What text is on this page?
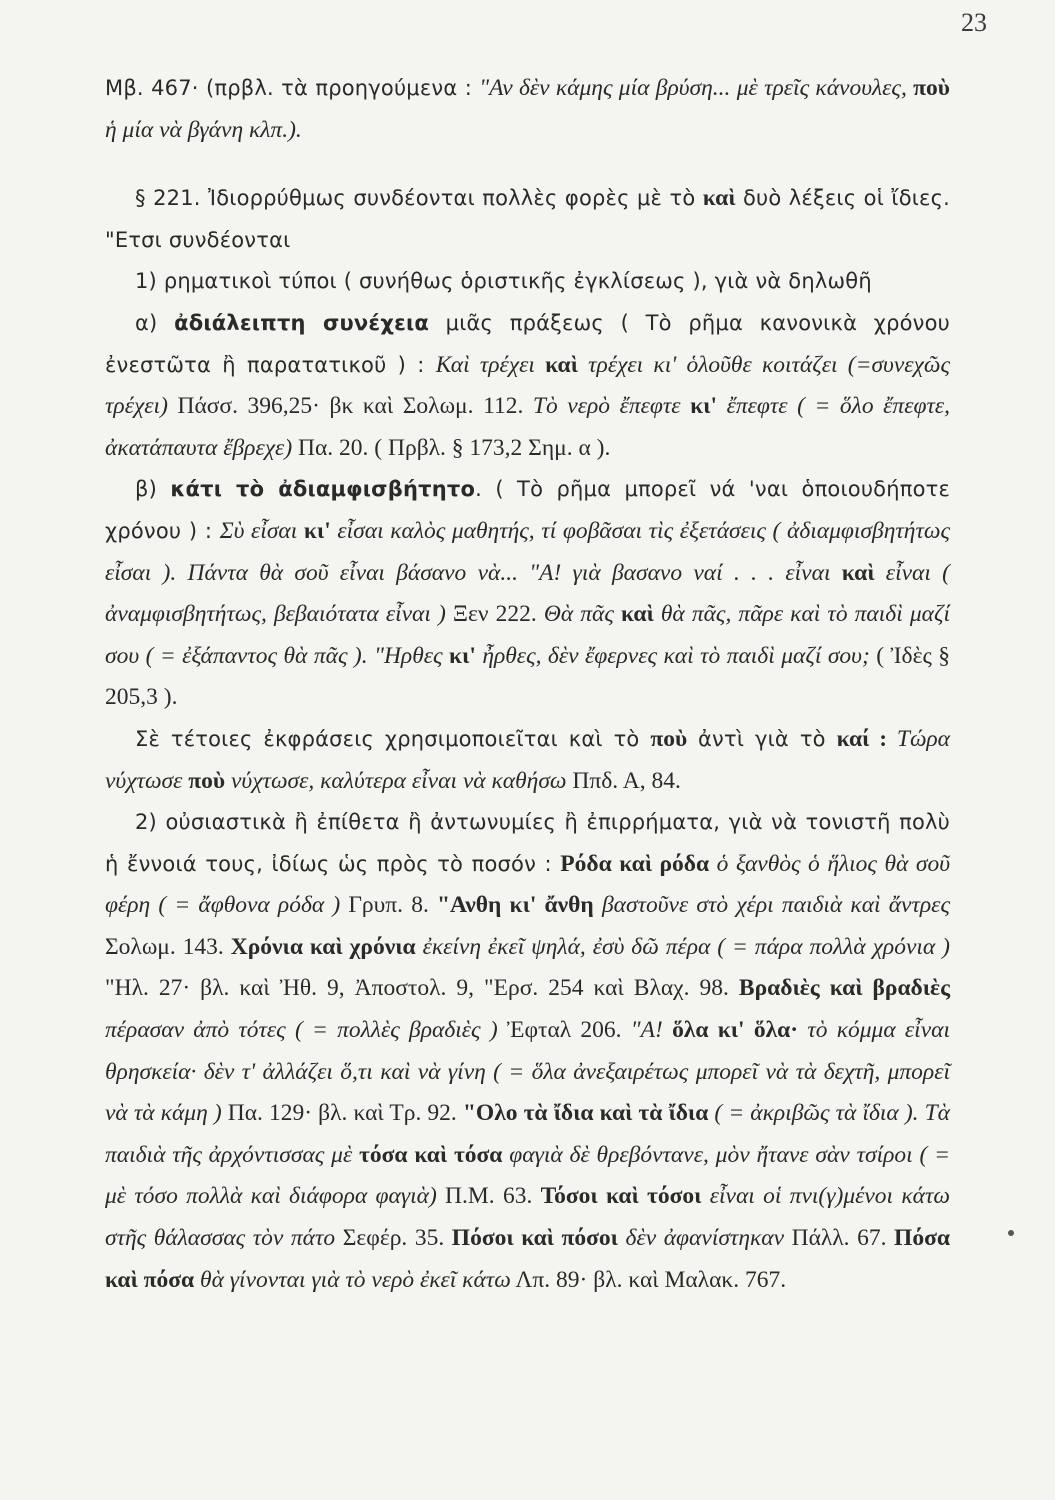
23

Μβ. 467· (πρβλ. τὰ προηγούμενα : "Αν δὲν κάμης μία βρύση... μὲ τρεῖς κάνουλες, ποὺ ἡ μία νὰ βγάνη κλπ.).

§ 221. Ἰδιορρύθμως συνδέονται πολλὲς φορὲς μὲ τὸ καὶ δυὸ λέξεις οἱ ἴδιες. "Ετσι συνδέονται

1) ρηματικοὶ τύποι ( συνήθως ὁριστικῆς ἐγκλίσεως ), γιὰ νὰ δηλωθῆ

α) ἀδιάλειπτη συνέχεια μιᾶς πράξεως ( Τὸ ρῆμα κανονικὰ χρόνου ἐνεστῶτα ἢ παρατατικοῦ ) : Καὶ τρέχει καὶ τρέχει κι' ὁλοῦθε κοιτάζει (=συνεχῶς τρέχει) Πάσσ. 396,25· βκ καὶ Σολωμ. 112. Τὸ νερὸ ἔπεφτε κι' ἔπεφτε ( = ὅλο ἔπεφτε, ἀκατάπαυτα ἔβρεχε) Πα. 20. ( Πρβλ. § 173,2 Σημ. α ).

β) κάτι τὸ ἀδιαμφισβήτητο. ( Τὸ ρῆμα μπορεῖ νά 'ναι ὁποιουδήποτε χρόνου ) : Σὺ εἶσαι κι' εἶσαι καλὸς μαθητής, τί φοβᾶσαι τὶς ἐξετάσεις ( ἀδιαμφισβητήτως εἶσαι ). Πάντα θὰ σοῦ εἶναι βάσανο νὰ... "Α! γιὰ βασανο ναί . . . εἶναι καὶ εἶναι ( ἀναμφισβητήτως, βεβαιότατα εἶναι ) Ξεν 222. Θὰ πᾶς καὶ θὰ πᾶς, πᾶρε καὶ τὸ παιδὶ μαζί σου ( = ἐξάπαντος θὰ πᾶς ). "Ηρθες κι' ἦρθες, δὲν ἔφερνες καὶ τὸ παιδὶ μαζί σου; ( Ἰδὲς § 205,3 ).

Σὲ τέτοιες ἐκφράσεις χρησιμοποιεῖται καὶ τὸ ποὺ ἀντὶ γιὰ τὸ καί : Τώρα νύχτωσε ποὺ νύχτωσε, καλύτερα εἶναι νὰ καθήσω Ππδ. Α, 84.

2) οὐσιαστικὰ ἢ ἐπίθετα ἢ ἀντωνυμίες ἢ ἐπιρρήματα, γιὰ νὰ τονιστῆ πολὺ ἡ ἔννοιά τους, ἰδίως ὡς πρὸς τὸ ποσόν : Ρόδα καὶ ρόδα ὁ ξανθὸς ὁ ἥλιος θὰ σοῦ φέρη ( = ἄφθονα ρόδα ) Γρυπ. 8. "Ανθη κι' ἄνθη βαστοῦνε στὸ χέρι παιδιὰ καὶ ἄντρες Σολωμ. 143. Χρόνια καὶ χρόνια ἐκείνη ἐκεῖ ψηλά, ἐσὺ δῶ πέρα ( = πάρα πολλὰ χρόνια ) "Ηλ. 27· βλ. καὶ Ἠθ. 9, Ἀποστολ. 9, "Ερσ. 254 καὶ Βλαχ. 98. Βραδιὲς καὶ βραδιὲς πέρασαν ἀπὸ τότες ( = πολλὲς βραδιὲς ) Ἐφταλ 206. "Α! ὅλα κι' ὅλα· τὸ κόμμα εἶναι θρησκεία· δὲν τ' ἀλλάζει ὅ,τι καὶ νὰ γίνη ( = ὅλα ἀνεξαιρέτως μπορεῖ νὰ τὰ δεχτῆ, μπορεῖ νὰ τὰ κάμη ) Πα. 129· βλ. καὶ Τρ. 92. "Ολο τὰ ἴδια καὶ τὰ ἴδια ( = ἀκριβῶς τὰ ἴδια ). Τὰ παιδιὰ τῆς ἀρχόντισσας μὲ τόσα καὶ τόσα φαγιὰ δὲ θρεβόντανε, μὸν ἤτανε σὰν τσίροι ( = μὲ τόσο πολλὰ καὶ διάφορα φαγιὰ) Π.Μ. 63. Τόσοι καὶ τόσοι εἶναι οἱ πνι(γ)μένοι κάτω στῆς θάλασσας τὸν πάτο Σεφέρ. 35. Πόσοι καὶ πόσοι δὲν ἀφανίστηκαν Πάλλ. 67. Πόσα καὶ πόσα θὰ γίνονται γιὰ τὸ νερὸ ἐκεῖ κάτω Λπ. 89· βλ. καὶ Μαλακ. 767.
